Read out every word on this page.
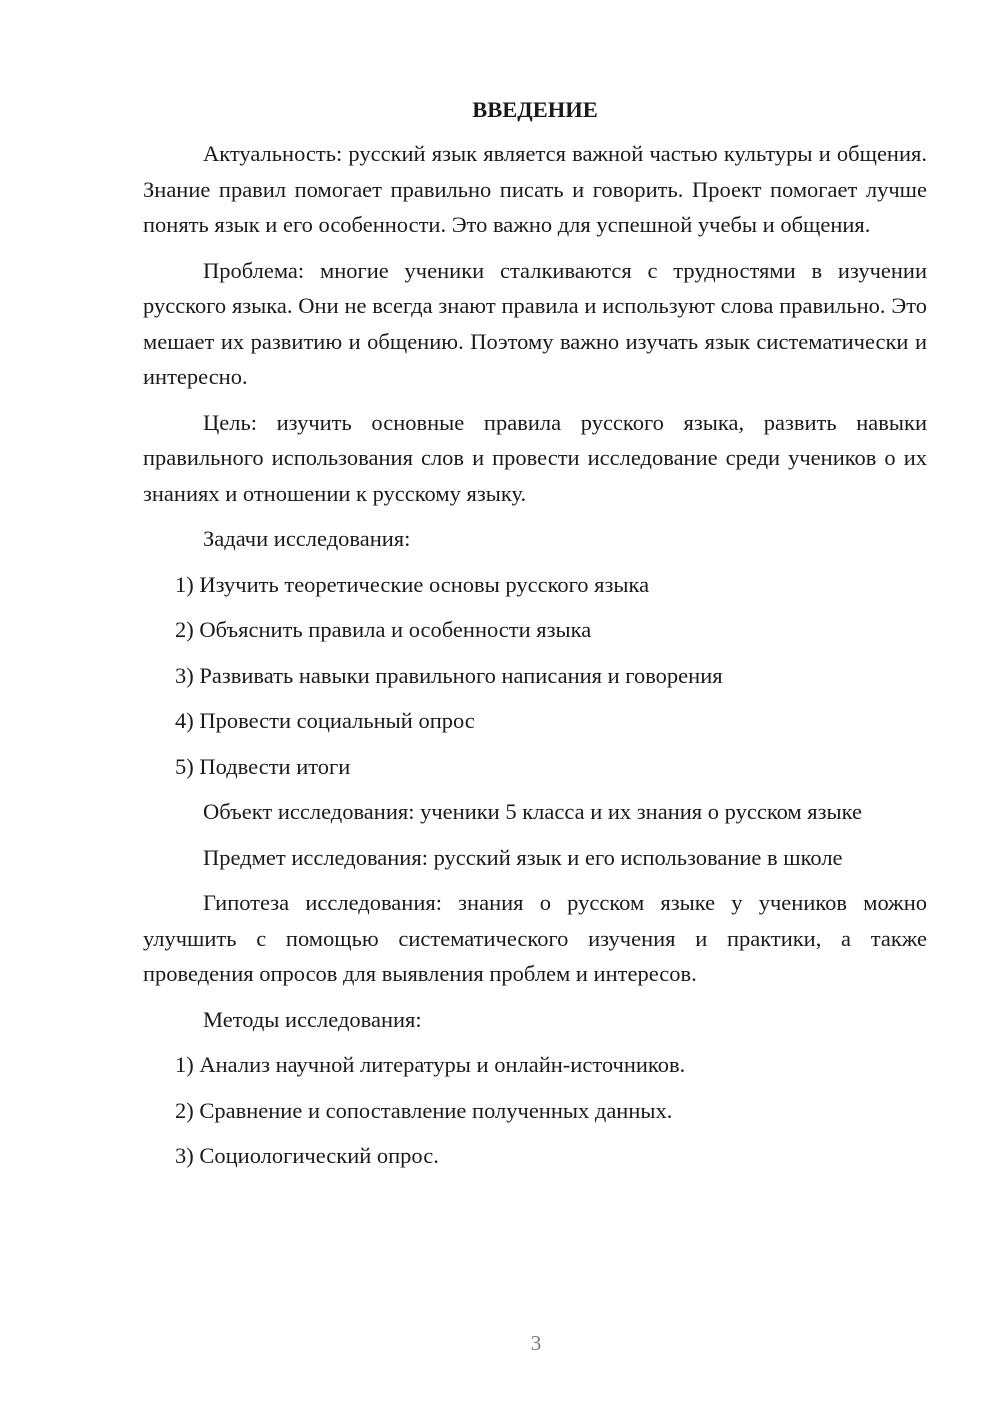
ВВЕДЕНИЕ
Актуальность: русский язык является важной частью культуры и общения. Знание правил помогает правильно писать и говорить. Проект помогает лучше понять язык и его особенности. Это важно для успешной учебы и общения.
Проблема: многие ученики сталкиваются с трудностями в изучении русского языка. Они не всегда знают правила и используют слова правильно. Это мешает их развитию и общению. Поэтому важно изучать язык систематически и интересно.
Цель: изучить основные правила русского языка, развить навыки правильного использования слов и провести исследование среди учеников о их знаниях и отношении к русскому языку.
Задачи исследования:
1) Изучить теоретические основы русского языка
2) Объяснить правила и особенности языка
3) Развивать навыки правильного написания и говорения
4) Провести социальный опрос
5) Подвести итоги
Объект исследования: ученики 5 класса и их знания о русском языке
Предмет исследования: русский язык и его использование в школе
Гипотеза исследования: знания о русском языке у учеников можно улучшить с помощью систематического изучения и практики, а также проведения опросов для выявления проблем и интересов.
Методы исследования:
1) Анализ научной литературы и онлайн-источников.
2) Сравнение и сопоставление полученных данных.
3) Социологический опрос.
3
